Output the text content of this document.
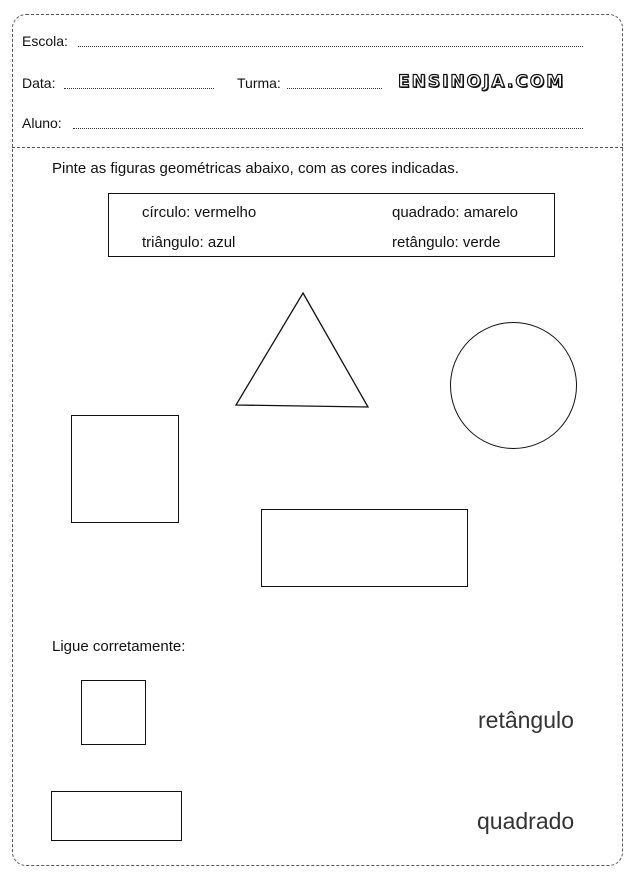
Escola:
Data:	Turma:	ENSINOJA.COM
Aluno:
Pinte as figuras geométricas abaixo, com as cores indicadas.
círculo: vermelho	quadrado: amarelo
triângulo: azul	retângulo: verde
Ligue corretamente:
retângulo
quadrado
